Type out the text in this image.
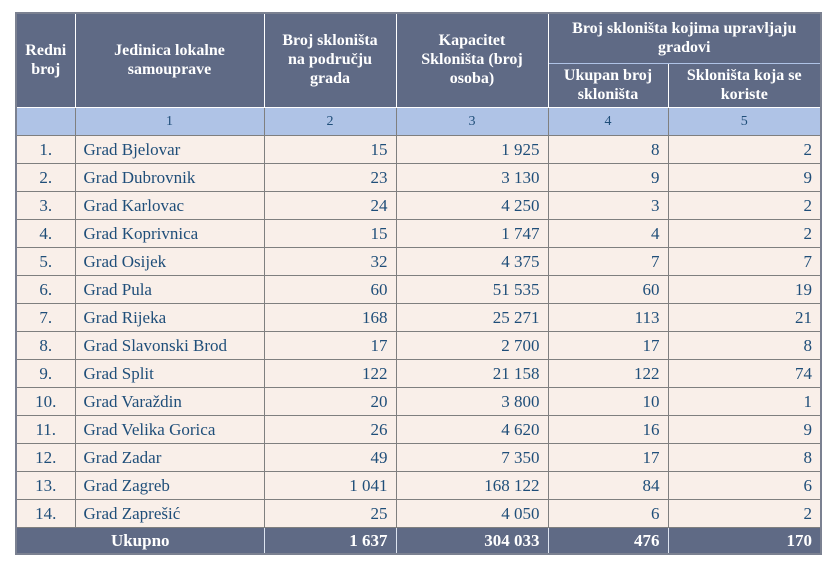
Redni broj	Jedinica lokalne samouprave	Broj skloništa na području grada	Kapacitet Skloništa (broj osoba)	Broj skloništa kojima upravljaju gradovi	
				Ukupan broj skloništa	Skloništa koja se koriste
	1	2	3	4	5
1.	Grad Bjelovar	15	1 925	8	2
2.	Grad Dubrovnik	23	3 130	9	9
3.	Grad Karlovac	24	4 250	3	2
4.	Grad Koprivnica	15	1 747	4	2
5.	Grad Osijek	32	4 375	7	7
6.	Grad Pula	60	51 535	60	19
7.	Grad Rijeka	168	25 271	113	21
8.	Grad Slavonski Brod	17	2 700	17	8
9.	Grad Split	122	21 158	122	74
10.	Grad Varaždin	20	3 800	10	1
11.	Grad Velika Gorica	26	4 620	16	9
12.	Grad Zadar	49	7 350	17	8
13.	Grad Zagreb	1 041	168 122	84	6
14.	Grad Zaprešić	25	4 050	6	2
Ukupno		1 637	304 033	476	170
